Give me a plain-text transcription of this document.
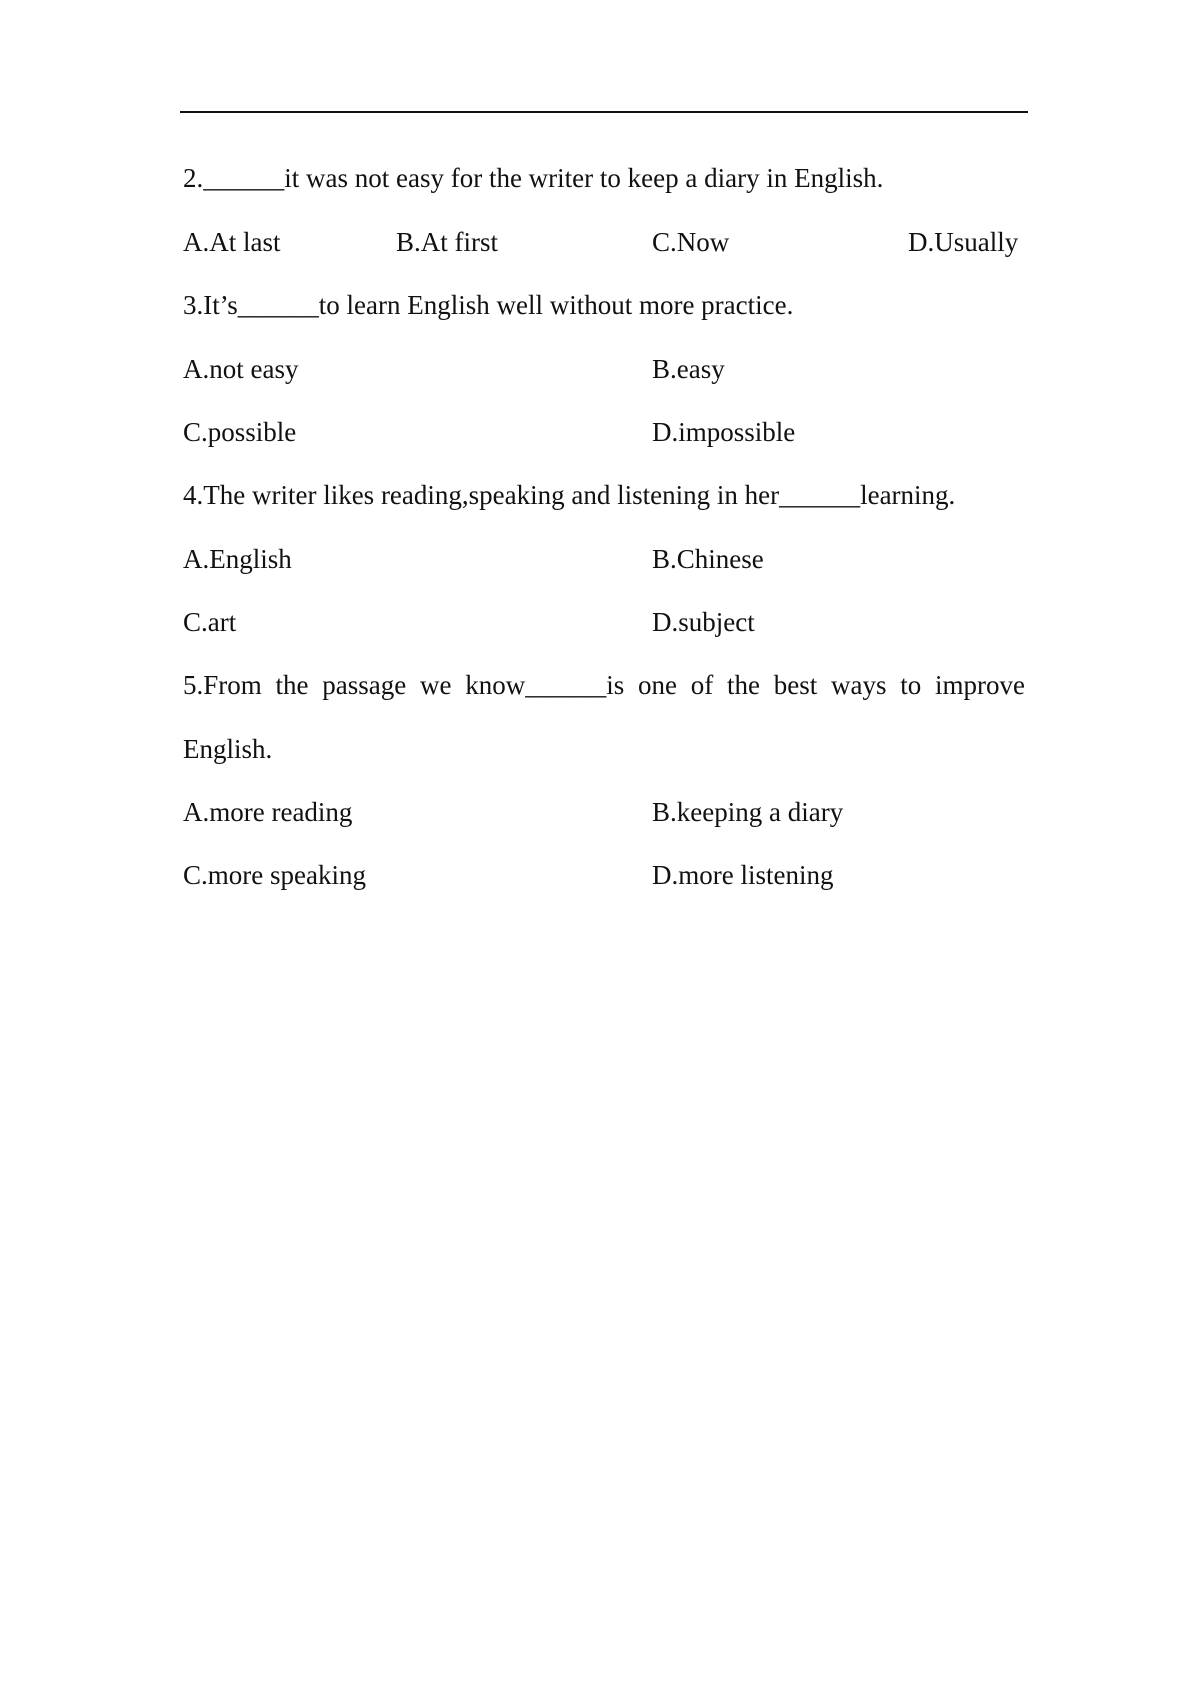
2.______it was not easy for the writer to keep a diary in English.
A.At last	B.At first	C.Now	D.Usually
3.It’s______to learn English well without more practice.
A.not easy	B.easy
C.possible	D.impossible
4.The writer likes reading,speaking and listening in her______learning.
A.English	B.Chinese
C.art	D.subject
5.From the passage we know______is one of the best ways to improve
English.
A.more reading	B.keeping a diary
C.more speaking	D.more listening
